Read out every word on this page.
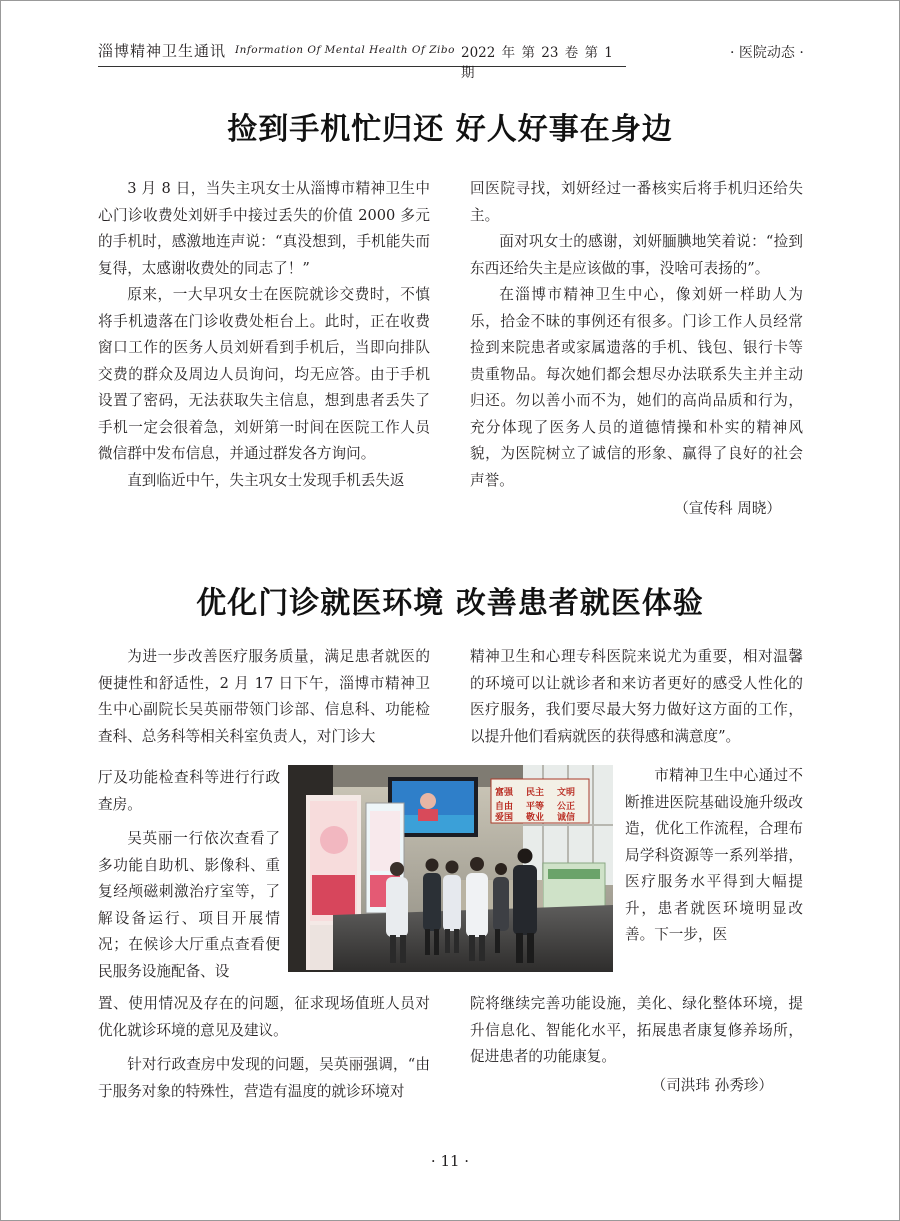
淄博精神卫生通讯 Information Of Mental Health Of Zibo 2022 年 第 23 卷 第 1 期
· 医院动态 ·
捡到手机忙归还 好人好事在身边

3 月 8 日，当失主巩女士从淄博市精神卫生中心门诊收费处刘妍手中接过丢失的价值 2000 多元的手机时，感激地连声说：“真没想到，手机能失而复得，太感谢收费处的同志了！”

原来，一大早巩女士在医院就诊交费时，不慎将手机遗落在门诊收费处柜台上。此时，正在收费窗口工作的医务人员刘妍看到手机后，当即向排队交费的群众及周边人员询问，均无应答。由于手机设置了密码，无法获取失主信息，想到患者丢失了手机一定会很着急，刘妍第一时间在医院工作人员微信群中发布信息，并通过群发各方询问。

直到临近中午，失主巩女士发现手机丢失返

回医院寻找，刘妍经过一番核实后将手机归还给失主。

面对巩女士的感谢，刘妍腼腆地笑着说：“捡到东西还给失主是应该做的事，没啥可表扬的”。

在淄博市精神卫生中心，像刘妍一样助人为乐，拾金不昧的事例还有很多。门诊工作人员经常捡到来院患者或家属遗落的手机、钱包、银行卡等贵重物品。每次她们都会想尽办法联系失主并主动归还。勿以善小而不为，她们的高尚品质和行为，充分体现了医务人员的道德情操和朴实的精神风貌，为医院树立了诚信的形象、赢得了良好的社会声誉。

（宣传科 周晓）

优化门诊就医环境 改善患者就医体验

为进一步改善医疗服务质量，满足患者就医的便捷性和舒适性，2 月 17 日下午，淄博市精神卫生中心副院长吴英丽带领门诊部、信息科、功能检查科、总务科等相关科室负责人，对门诊大

厅及功能检查科等进行行政查房。

吴英丽一行依次查看了多功能自助机、影像科、重复经颅磁刺激治疗室等，了解设备运行、项目开展情况；在候诊大厅重点查看便民服务设施配备、设

置、使用情况及存在的问题，征求现场值班人员对优化就诊环境的意见及建议。

针对行政查房中发现的问题，吴英丽强调，“由于服务对象的特殊性，营造有温度的就诊环境对

精神卫生和心理专科医院来说尤为重要，相对温馨的环境可以让就诊者和来访者更好的感受人性化的医疗服务，我们要尽最大努力做好这方面的工作，以提升他们看病就医的获得感和满意度”。

市精神卫生中心通过不断推进医院基础设施升级改造，优化工作流程，合理布局学科资源等一系列举措，医疗服务水平得到大幅提升，患者就医环境明显改善。下一步，医

院将继续完善功能设施，美化、绿化整体环境，提升信息化、智能化水平，拓展患者康复修养场所，促进患者的功能康复。

（司洪玮 孙秀珍）

富强
自由
爱国
民主
平等
敬业
文明
公正
诚信
· 11 ·
